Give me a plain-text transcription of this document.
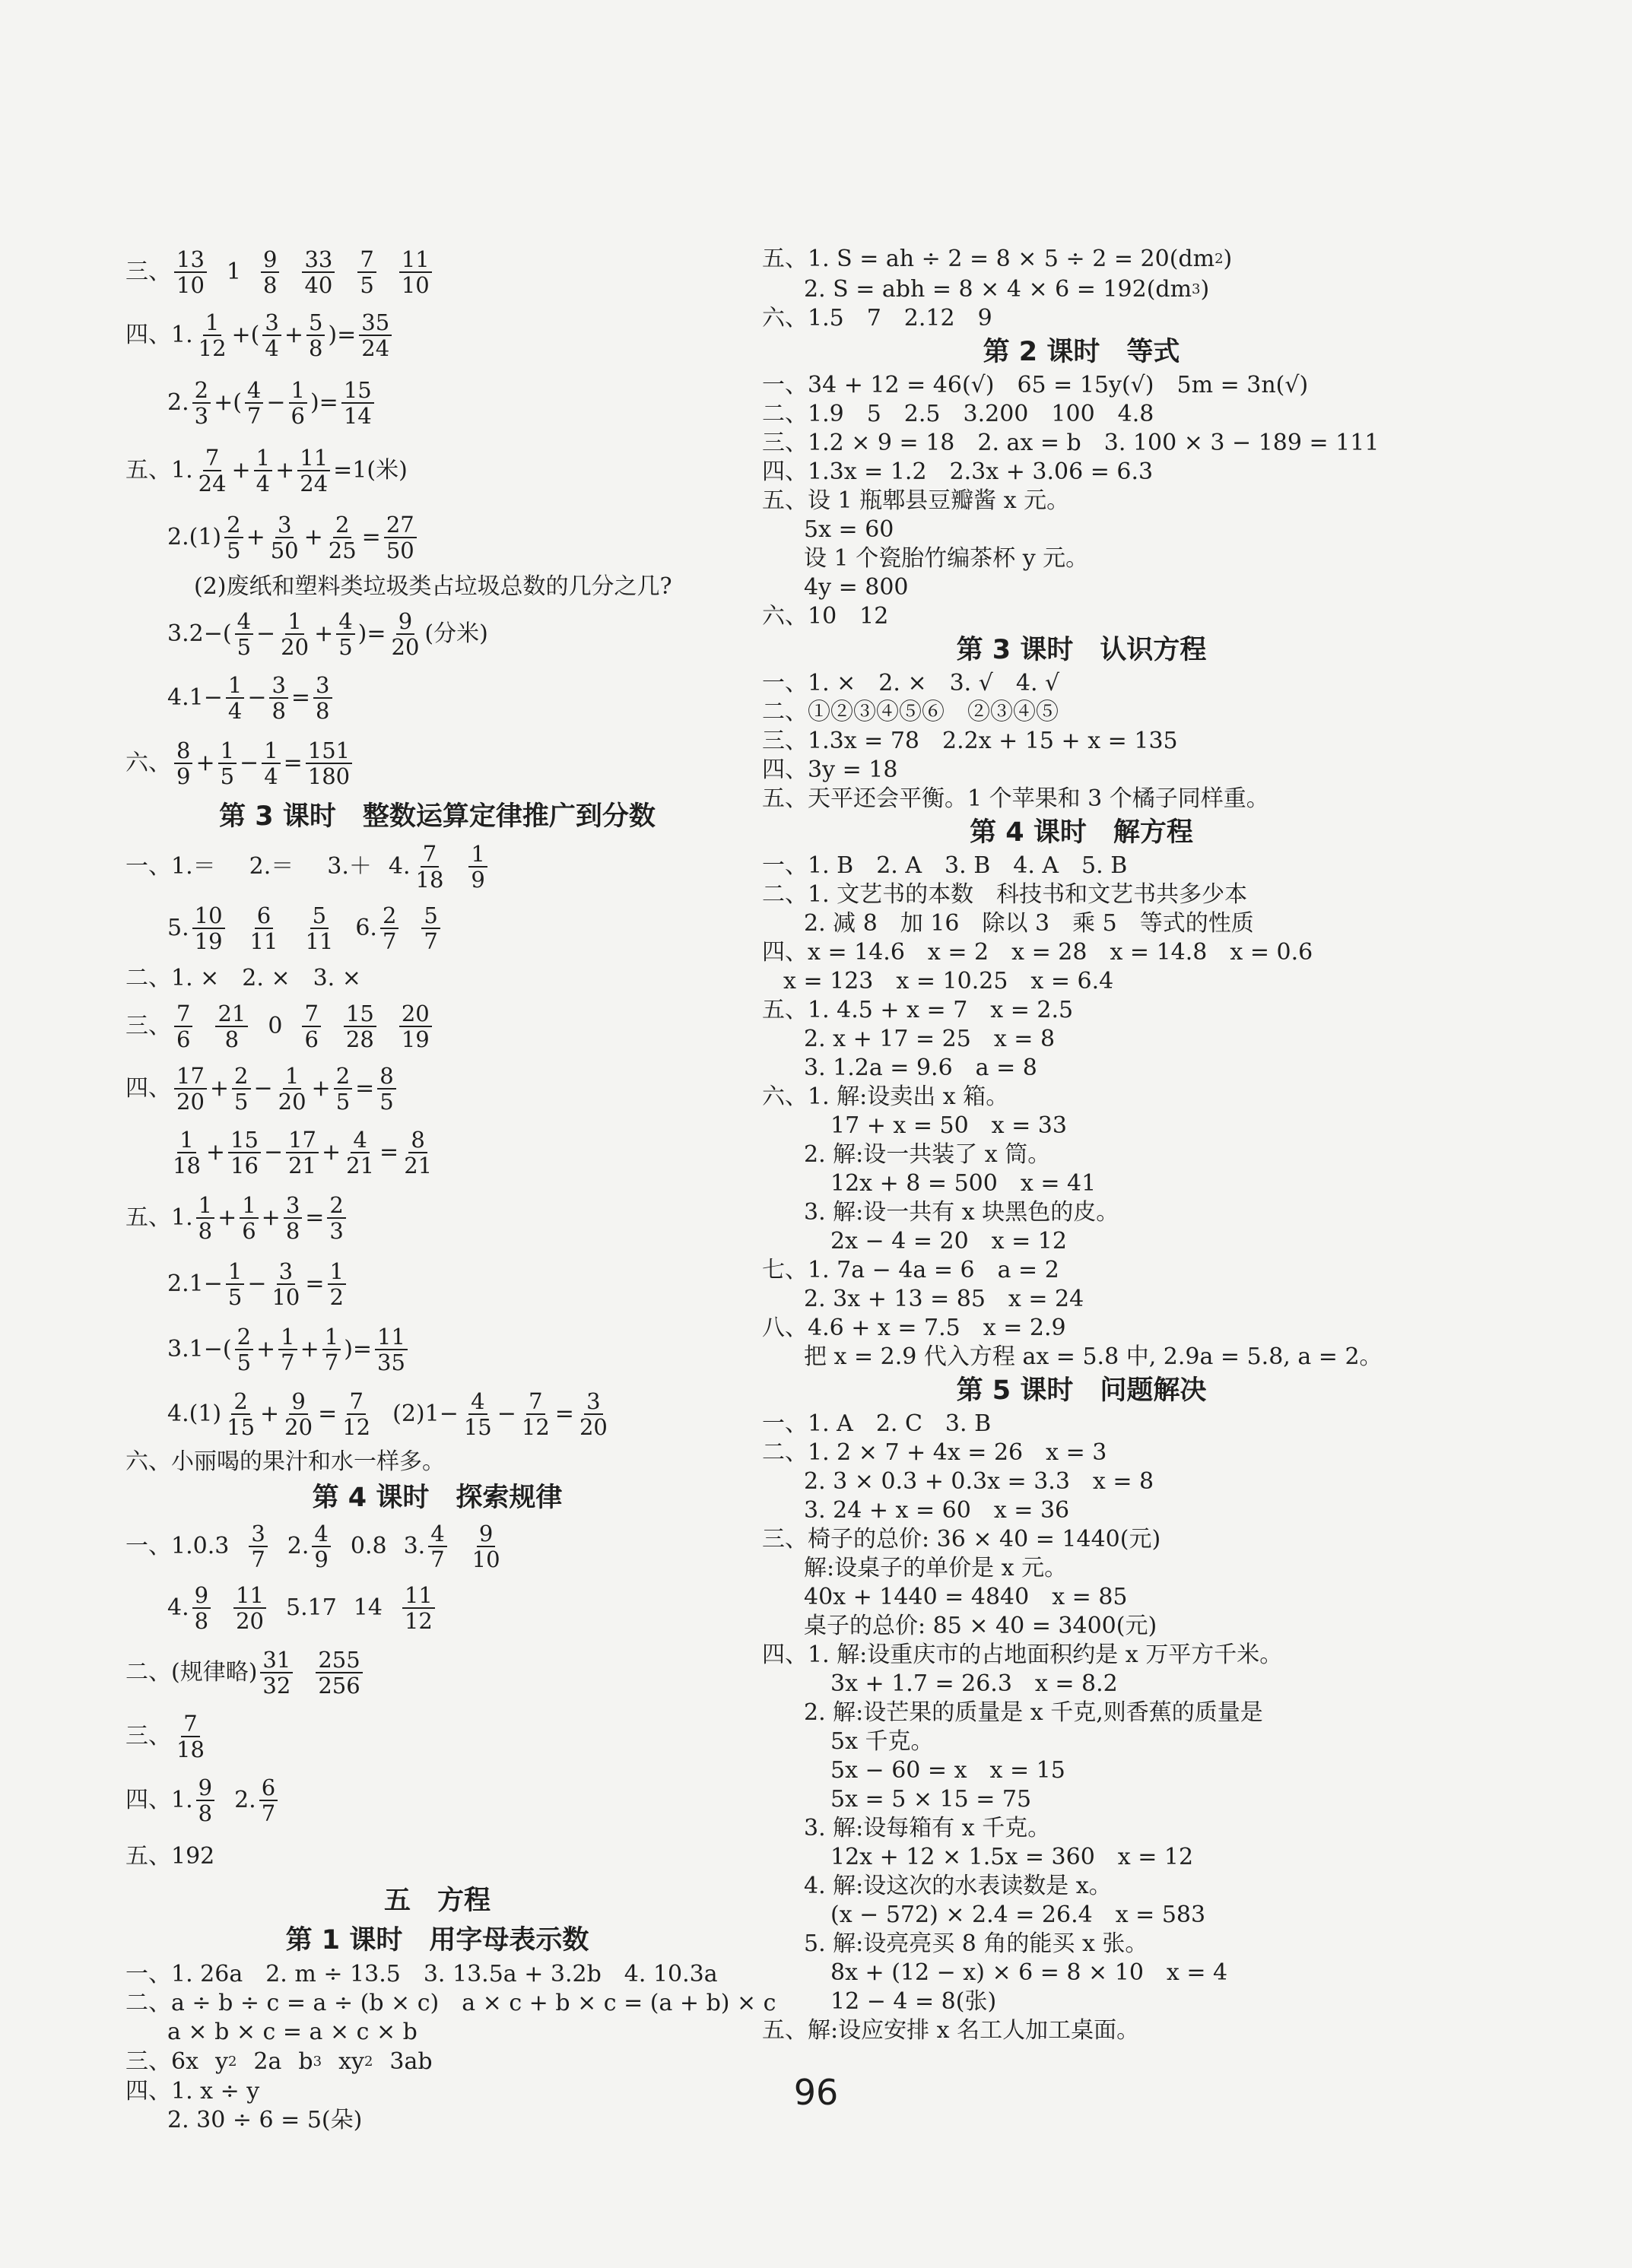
三、 $\frac{13}{10} 1 \frac{9}{8} \frac{33}{40} \frac{7}{5} \frac{11}{10}$
四、 1. $\frac{1}{12}$ +( $\frac{3}{4} + \frac{5}{8}$ )= $\frac{35}{24}$
2. $\frac{2}{3}$ +( $\frac{4}{7} - \frac{1}{6}$ )= $\frac{15}{14}$
五、 1. $\frac{7}{24} + \frac{1}{4} + \frac{11}{24} =1$(米)
2. $(1) \frac{2}{5} + \frac{3}{50} + \frac{2}{25} = \frac{27}{50}$
(2)废纸和塑料类垃圾类占垃圾总数的几分之几?
3. $2-( \frac{4}{5} - \frac{1}{20} + \frac{4}{5}$ )= $\frac{9}{20}$ (分米)
4. $1- \frac{1}{4} - \frac{3}{8} = \frac{3}{8}$
六、 $\frac{8}{9} + \frac{1}{5} - \frac{1}{4} = \frac{151}{180}$
第 3 课时　整数运算定律推广到分数
一、 1.＝ 2.＝ 3.＋ 4. $\frac{7}{18} \frac{1}{9}$
5. $\frac{10}{19} \frac{6}{11} \frac{5}{11} 6$. $\frac{2}{7} \frac{5}{7}$
二、1. ×　2. ×　3. ×
三、 $\frac{7}{6} \frac{21}{8} 0 \frac{7}{6} \frac{15}{28} \frac{20}{19}$
四、 $\frac{17}{20} + \frac{2}{5} - \frac{1}{20} + \frac{2}{5} = \frac{8}{5}$
$\frac{1}{18} + \frac{15}{16} - \frac{17}{21} + \frac{4}{21} = \frac{8}{21}$
五、 1. $\frac{1}{8} + \frac{1}{6} + \frac{3}{8} = \frac{2}{3}$
2. $1- \frac{1}{5} - \frac{3}{10} = \frac{1}{2}$
3. $1-( \frac{2}{5} + \frac{1}{7} + \frac{1}{7}$ )= $\frac{11}{35}$
4. $(1) \frac{2}{15} + \frac{9}{20} = \frac{7}{12} (2)1- \frac{4}{15} - \frac{7}{12} = \frac{3}{20}$
六、小丽喝的果汁和水一样多。
第 4 课时　探索规律
一、 $1.0.3 \frac{3}{7} 2$. $\frac{4}{9} 0.8$ 3. $\frac{4}{7} \frac{9}{10}$
4. $\frac{9}{8} \frac{11}{20} 5.17$ $14 \frac{11}{12}$
二、(规律略) $\frac{31}{32} \frac{255}{256}$
三、 $\frac{7}{18}$
四、 1. $\frac{9}{8} 2$. $\frac{6}{7}$
五、192
五　方程
第 1 课时　用字母表示数
一、1. 26a　2. m ÷ 13.5　3. 13.5a + 3.2b　4. 10.3a
二、a ÷ b ÷ c = a ÷ (b × c)　a × c + b × c = (a + b) × c
a × b × c = a × c × b
三、6x y 2 2a b 3 xy 2 3ab
四、1. x ÷ y
2. 30 ÷ 6 = 5(朵)
五、1. S = ah ÷ 2 = 8 × 5 ÷ 2 = 20(dm 2 )
2. S = abh = 8 × 4 × 6 = 192(dm 3 )
六、1.5　7　2.12　9
第 2 课时　等式
一、34 + 12 = 46(√)　65 = 15y(√)　5m = 3n(√)
二、1.9　5　2.5　3.200　100　4.8
三、1.2 × 9 = 18　2. ax = b　3. 100 × 3 − 189 = 111
四、1.3x = 1.2　2.3x + 3.06 = 6.3
五、设 1 瓶郫县豆瓣酱 x 元。
5x = 60
设 1 个瓷胎竹编茶杯 y 元。
4y = 800
六、10　12
第 3 课时　认识方程
一、1. ×　2. ×　3. √　4. √
二、①②③④⑤⑥　②③④⑤
三、1.3x = 78　2.2x + 15 + x = 135
四、3y = 18
五、天平还会平衡。1 个苹果和 3 个橘子同样重。
第 4 课时　解方程
一、1. B　2. A　3. B　4. A　5. B
二、1. 文艺书的本数　科技书和文艺书共多少本
2. 减 8　加 16　除以 3　乘 5　等式的性质
四、x = 14.6　x = 2　x = 28　x = 14.8　x = 0.6
x = 123　x = 10.25　x = 6.4
五、1. 4.5 + x = 7　x = 2.5
2. x + 17 = 25　x = 8
3. 1.2a = 9.6　a = 8
六、1. 解:设卖出 x 箱。
17 + x = 50　x = 33
2. 解:设一共装了 x 筒。
12x + 8 = 500　x = 41
3. 解:设一共有 x 块黑色的皮。
2x − 4 = 20　x = 12
七、1. 7a − 4a = 6　a = 2
2. 3x + 13 = 85　x = 24
八、4.6 + x = 7.5　x = 2.9
把 x = 2.9 代入方程 ax = 5.8 中, 2.9a = 5.8, a = 2。
第 5 课时　问题解决
一、1. A　2. C　3. B
二、1. 2 × 7 + 4x = 26　x = 3
2. 3 × 0.3 + 0.3x = 3.3　x = 8
3. 24 + x = 60　x = 36
三、椅子的总价: 36 × 40 = 1440(元)
解:设桌子的单价是 x 元。
40x + 1440 = 4840　x = 85
桌子的总价: 85 × 40 = 3400(元)
四、1. 解:设重庆市的占地面积约是 x 万平方千米。
3x + 1.7 = 26.3　x = 8.2
2. 解:设芒果的质量是 x 千克,则香蕉的质量是
5x 千克。
5x − 60 = x　x = 15
5x = 5 × 15 = 75
3. 解:设每箱有 x 千克。
12x + 12 × 1.5x = 360　x = 12
4. 解:设这次的水表读数是 x。
(x − 572) × 2.4 = 26.4　x = 583
5. 解:设亮亮买 8 角的能买 x 张。
8x + (12 − x) × 6 = 8 × 10　x = 4
12 − 4 = 8(张)
五、解:设应安排 x 名工人加工桌面。
96
